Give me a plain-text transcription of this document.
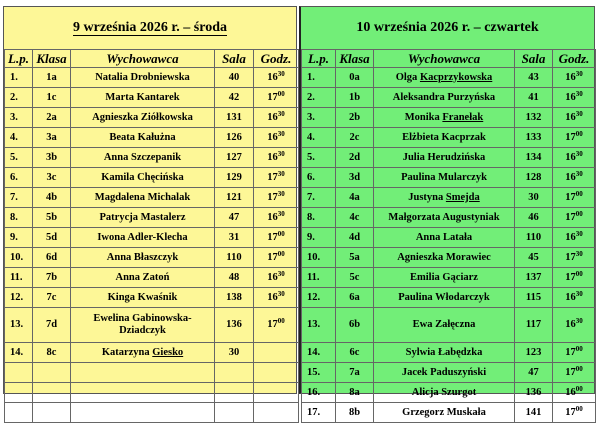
9 września 2026 r. – środa
L.p.	Klasa	Wychowawca	Sala	Godz.
1.	1a	Natalia Drobniewska	40	$16^{30}$
2.	1c	Marta Kantarek	42	$17^{00}$
3.	2a	Agnieszka Ziółkowska	131	$16^{30}$
4.	3a	Beata Kałużna	126	$16^{30}$
5.	3b	Anna Szczepanik	127	$16^{30}$
6.	3c	Kamila Chęcińska	129	$17^{30}$
7.	4b	Magdalena Michalak	121	$17^{30}$
8.	5b	Patrycja Mastalerz	47	$16^{30}$
9.	5d	Iwona Adler-Klecha	31	$17^{00}$
10.	6d	Anna Błaszczyk	110	$17^{00}$
11.	7b	Anna Zatoń	48	$16^{30}$
12.	7c	Kinga Kwaśnik	138	$16^{30}$
13.	7d	Ewelina Gabinowska-Dziadczyk	136	$17^{00}$
14.	8c	Katarzyna Giesko	30	

10 września 2026 r. – czwartek
L.p.	Klasa	Wychowawca	Sala	Godz.
1.	0a	Olga Kacprzykowska	43	$16^{30}$
2.	1b	Aleksandra Purzyńska	41	$16^{30}$
3.	2b	Monika Franełak	132	$16^{30}$
4.	2c	Elżbieta Kacprzak	133	$17^{00}$
5.	2d	Julia Herudzińska	134	$16^{30}$
6.	3d	Paulina Mularczyk	128	$16^{30}$
7.	4a	Justyna Smejda	30	$17^{00}$
8.	4c	Małgorzata Augustyniak	46	$17^{00}$
9.	4d	Anna Latała	110	$16^{30}$
10.	5a	Agnieszka Morawiec	45	$17^{30}$
11.	5c	Emilia Gąciarz	137	$17^{00}$
12.	6a	Paulina Włodarczyk	115	$16^{30}$
13.	6b	Ewa Załęczna	117	$16^{30}$
14.	6c	Sylwia Łabędzka	123	$17^{00}$
15.	7a	Jacek Paduszyński	47	$17^{00}$
16.	8a	Alicja Szurgot	136	$16^{00}$
17.	8b	Grzegorz Muskała	141	$17^{00}$
